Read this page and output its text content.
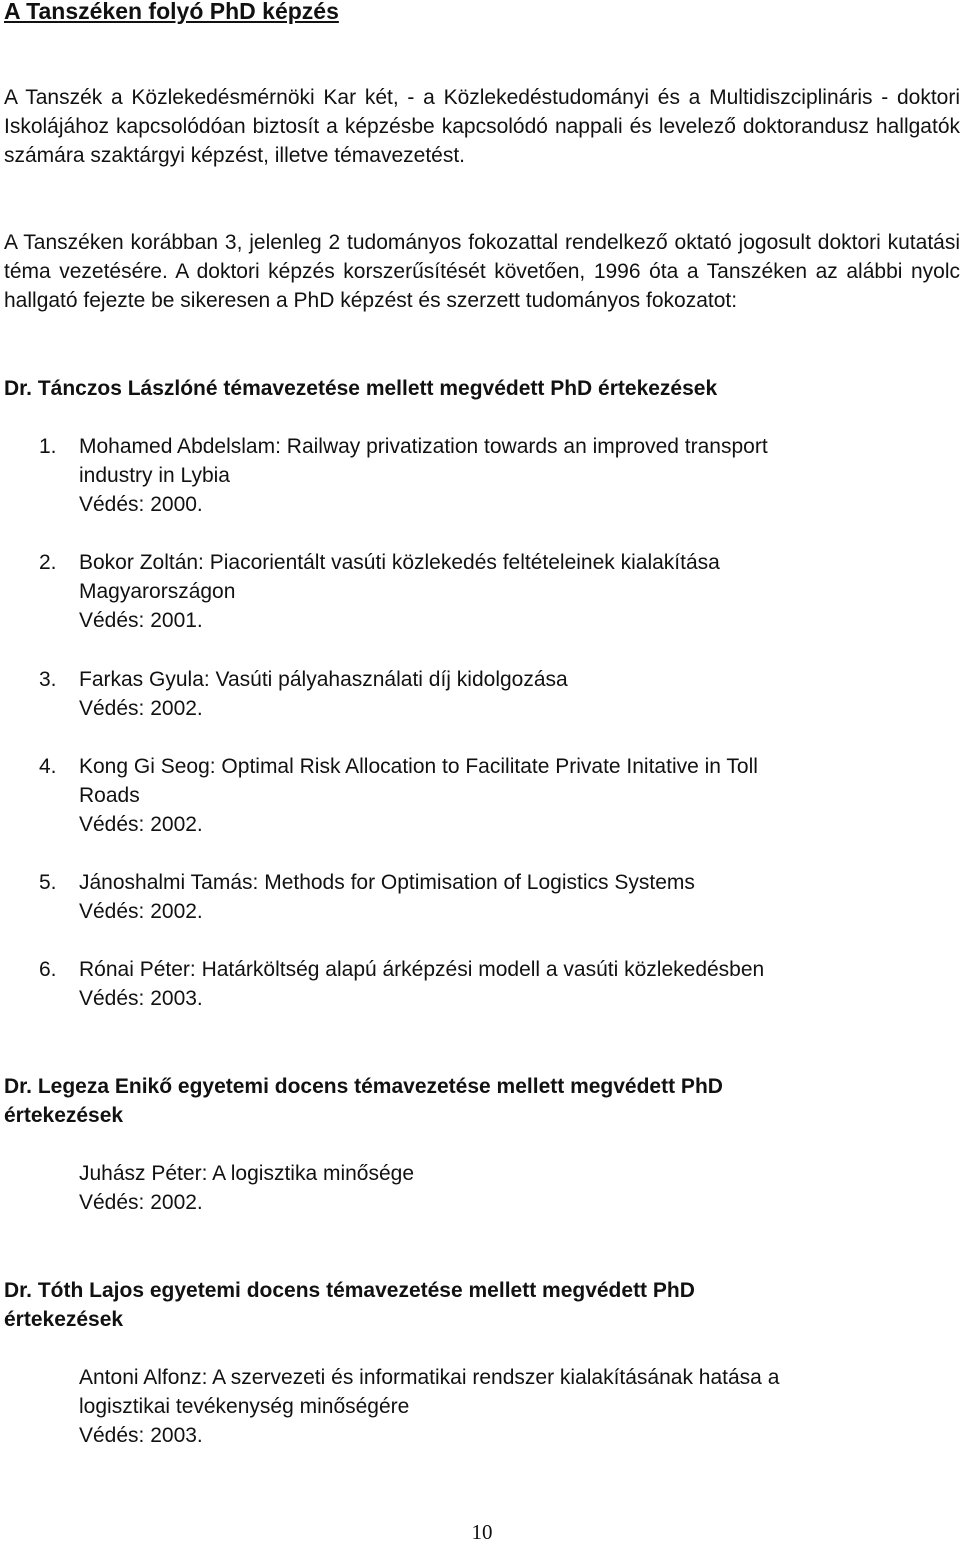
A Tanszéken folyó PhD képzés

A Tanszék a Közlekedésmérnöki Kar két, - a Közlekedéstudományi és a Multidiszciplináris - doktori Iskolájához kapcsolódóan biztosít a képzésbe kapcsolódó nappali és levelező doktorandusz hallgatók számára szaktárgyi képzést, illetve témavezetést.

A Tanszéken korábban 3, jelenleg 2 tudományos fokozattal rendelkező oktató jogosult doktori kutatási téma vezetésére. A doktori képzés korszerűsítését követően, 1996 óta a Tanszéken az alábbi nyolc hallgató fejezte be sikeresen a PhD képzést és szerzett tudományos fokozatot:

Dr. Tánczos Lászlóné témavezetése mellett megvédett PhD értekezések
1. Mohamed Abdelslam: Railway privatization towards an improved transport
industry in Lybia
Védés: 2000.
2. Bokor Zoltán: Piacorientált vasúti közlekedés feltételeinek kialakítása
Magyarországon
Védés: 2001.
3. Farkas Gyula: Vasúti pályahasználati díj kidolgozása
Védés: 2002.
4. Kong Gi Seog: Optimal Risk Allocation to Facilitate Private Initative in Toll
Roads
Védés: 2002.
5. Jánoshalmi Tamás: Methods for Optimisation of Logistics Systems
Védés: 2002.
6. Rónai Péter: Határköltség alapú árképzési modell a vasúti közlekedésben
Védés: 2003.
Dr. Legeza Enikő egyetemi docens témavezetése mellett megvédett PhD
értekezések
Juhász Péter: A logisztika minősége
Védés: 2002.
Dr. Tóth Lajos egyetemi docens témavezetése mellett megvédett PhD
értekezések
Antoni Alfonz: A szervezeti és informatikai rendszer kialakításának hatása a
logisztikai tevékenység minőségére
Védés: 2003.
10
